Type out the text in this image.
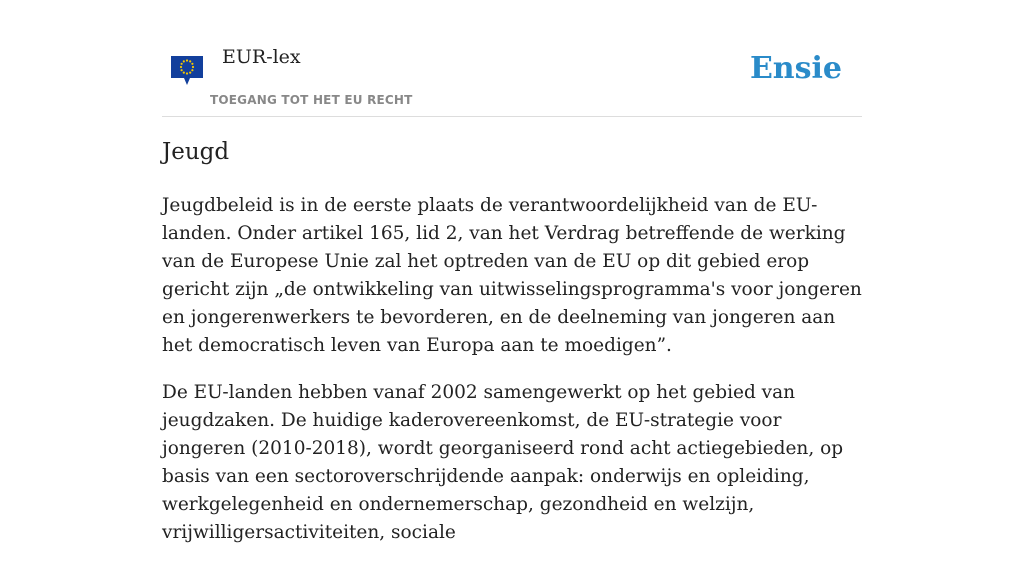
EUR-lex
TOEGANG TOT HET EU RECHT
Ensie
Jeugd

Jeugdbeleid is in de eerste plaats de verantwoordelijkheid van de EU-landen. Onder artikel 165, lid 2, van het Verdrag betreffende de werking van de Europese Unie zal het optreden van de EU op dit gebied erop gericht zijn „de ontwikkeling van uitwisselingsprogramma's voor jongeren en jongerenwerkers te bevorderen, en de deelneming van jongeren aan het democratisch leven van Europa aan te moedigen”.

De EU-landen hebben vanaf 2002 samengewerkt op het gebied van jeugdzaken. De huidige kaderovereenkomst, de EU-strategie voor jongeren (2010-2018), wordt georganiseerd rond acht actiegebieden, op basis van een sectoroverschrijdende aanpak: onderwijs en opleiding, werkgelegenheid en ondernemerschap, gezondheid en welzijn, vrijwilligersactiviteiten, sociale
